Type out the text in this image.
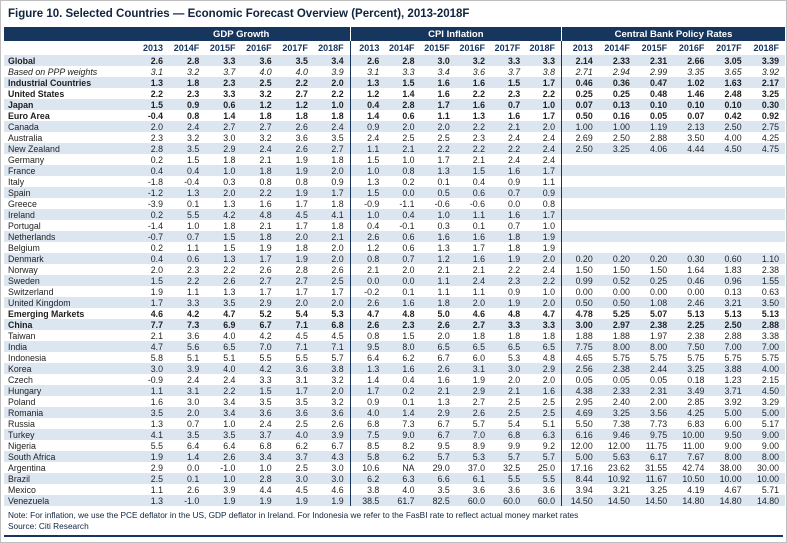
Figure 10. Selected Countries — Economic Forecast Overview (Percent), 2013-2018F
	GDP Growth						CPI Inflation						Central Bank Policy Rates					
	2013	2014F	2015F	2016F	2017F	2018F	2013	2014F	2015F	2016F	2017F	2018F	2013	2014F	2015F	2016F	2017F	2018F
Global	2.6	2.8	3.3	3.6	3.5	3.4	2.6	2.8	3.0	3.2	3.3	3.3	2.14	2.33	2.31	2.66	3.05	3.39
Based on PPP weights	3.1	3.2	3.7	4.0	4.0	3.9	3.1	3.3	3.4	3.6	3.7	3.8	2.71	2.94	2.99	3.35	3.65	3.92
Industrial Countries	1.3	1.8	2.3	2.5	2.2	2.0	1.3	1.5	1.6	1.6	1.5	1.7	0.46	0.36	0.47	1.02	1.63	2.17
United States	2.2	2.3	3.3	3.2	2.7	2.2	1.2	1.4	1.6	2.2	2.3	2.2	0.25	0.25	0.48	1.46	2.48	3.25
Japan	1.5	0.9	0.6	1.2	1.2	1.0	0.4	2.8	1.7	1.6	0.7	1.0	0.07	0.13	0.10	0.10	0.10	0.30
Euro Area	-0.4	0.8	1.4	1.8	1.8	1.8	1.4	0.6	1.1	1.3	1.6	1.7	0.50	0.16	0.05	0.07	0.42	0.92
Canada	2.0	2.4	2.7	2.7	2.6	2.4	0.9	2.0	2.0	2.2	2.1	2.0	1.00	1.00	1.19	2.13	2.50	2.75
Australia	2.3	3.2	3.0	3.2	3.6	3.5	2.4	2.5	2.5	2.3	2.4	2.4	2.69	2.50	2.88	3.50	4.00	4.25
New Zealand	2.8	3.5	2.9	2.4	2.6	2.7	1.1	2.1	2.2	2.2	2.2	2.4	2.50	3.25	4.06	4.44	4.50	4.75
Germany	0.2	1.5	1.8	2.1	1.9	1.8	1.5	1.0	1.7	2.1	2.4	2.4						
France	0.4	0.4	1.0	1.8	1.9	2.0	1.0	0.8	1.3	1.5	1.6	1.7						
Italy	-1.8	-0.4	0.3	0.8	0.8	0.9	1.3	0.2	0.1	0.4	0.9	1.1						
Spain	-1.2	1.3	2.0	2.2	1.9	1.7	1.5	0.0	0.5	0.6	0.7	0.9						
Greece	-3.9	0.1	1.3	1.6	1.7	1.8	-0.9	-1.1	-0.6	-0.6	0.0	0.8						
Ireland	0.2	5.5	4.2	4.8	4.5	4.1	1.0	0.4	1.0	1.1	1.6	1.7						
Portugal	-1.4	1.0	1.8	2.1	1.7	1.8	0.4	-0.1	0.3	0.1	0.7	1.0						
Netherlands	-0.7	0.7	1.5	1.8	2.0	2.1	2.6	0.6	1.6	1.6	1.8	1.9						
Belgium	0.2	1.1	1.5	1.9	1.8	2.0	1.2	0.6	1.3	1.7	1.8	1.9						
Denmark	0.4	0.6	1.3	1.7	1.9	2.0	0.8	0.7	1.2	1.6	1.9	2.0	0.20	0.20	0.20	0.30	0.60	1.10
Norway	2.0	2.3	2.2	2.6	2.8	2.6	2.1	2.0	2.1	2.1	2.2	2.4	1.50	1.50	1.50	1.64	1.83	2.38
Sweden	1.5	2.2	2.6	2.7	2.7	2.5	0.0	0.0	1.1	2.4	2.3	2.2	0.99	0.52	0.25	0.46	0.96	1.55
Switzerland	1.9	1.1	1.3	1.7	1.7	1.7	-0.2	0.1	1.1	1.1	0.9	1.0	0.00	0.00	0.00	0.00	0.13	0.63
United Kingdom	1.7	3.3	3.5	2.9	2.0	2.0	2.6	1.6	1.8	2.0	1.9	2.0	0.50	0.50	1.08	2.46	3.21	3.50
Emerging Markets	4.6	4.2	4.7	5.2	5.4	5.3	4.7	4.8	5.0	4.6	4.8	4.7	4.78	5.25	5.07	5.13	5.13	5.13
China	7.7	7.3	6.9	6.7	7.1	6.8	2.6	2.3	2.6	2.7	3.3	3.3	3.00	2.97	2.38	2.25	2.50	2.88
Taiwan	2.1	3.6	4.0	4.2	4.5	4.5	0.8	1.5	2.0	1.8	1.8	1.8	1.88	1.88	1.97	2.38	2.88	3.38
India	4.7	5.6	6.5	7.0	7.1	7.1	9.5	8.0	6.5	6.5	6.5	6.5	7.75	8.00	8.00	7.50	7.00	7.00
Indonesia	5.8	5.1	5.1	5.5	5.5	5.7	6.4	6.2	6.7	6.0	5.3	4.8	4.65	5.75	5.75	5.75	5.75	5.75
Korea	3.0	3.9	4.0	4.2	3.6	3.8	1.3	1.6	2.6	3.1	3.0	2.9	2.56	2.38	2.44	3.25	3.88	4.00
Czech	-0.9	2.4	2.4	3.3	3.1	3.2	1.4	0.4	1.6	1.9	2.0	2.0	0.05	0.05	0.05	0.18	1.23	2.15
Hungary	1.1	3.1	2.2	1.5	1.7	2.0	1.7	0.2	2.1	2.9	2.1	1.6	4.38	2.33	2.31	3.49	3.71	4.50
Poland	1.6	3.0	3.4	3.5	3.5	3.2	0.9	0.1	1.3	2.7	2.5	2.5	2.95	2.40	2.00	2.85	3.92	3.29
Romania	3.5	2.0	3.4	3.6	3.6	3.6	4.0	1.4	2.9	2.6	2.5	2.5	4.69	3.25	3.56	4.25	5.00	5.00
Russia	1.3	0.7	1.0	2.4	2.5	2.6	6.8	7.3	6.7	5.7	5.4	5.1	5.50	7.38	7.73	6.83	6.00	5.17
Turkey	4.1	3.5	3.5	3.7	4.0	3.9	7.5	9.0	6.7	7.0	6.8	6.3	6.16	9.46	9.75	10.00	9.50	9.00
Nigeria	5.5	6.4	6.4	6.8	6.2	6.7	8.5	8.2	9.5	8.9	9.9	9.2	12.00	12.00	11.75	11.00	9.00	9.00
South Africa	1.9	1.4	2.6	3.4	3.7	4.3	5.8	6.2	5.7	5.3	5.7	5.7	5.00	5.63	6.17	7.67	8.00	8.00
Argentina	2.9	0.0	-1.0	1.0	2.5	3.0	10.6	NA	29.0	37.0	32.5	25.0	17.16	23.62	31.55	42.74	38.00	30.00
Brazil	2.5	0.1	1.0	2.8	3.0	3.0	6.2	6.3	6.6	6.1	5.5	5.5	8.44	10.92	11.67	10.50	10.00	10.00
Mexico	1.1	2.6	3.9	4.4	4.5	4.6	3.8	4.0	3.5	3.6	3.6	3.6	3.94	3.21	3.25	4.19	4.67	5.71
Venezuela	1.3	-1.0	1.9	1.9	1.9	1.9	38.5	61.7	82.5	60.0	60.0	60.0	14.50	14.50	14.50	14.80	14.80	14.80
Note: For inflation, we use the PCE deflator in the US, GDP deflator in Ireland. For Indonesia we refer to the FasBI rate to reflect actual money market rates
Source: Citi Research
